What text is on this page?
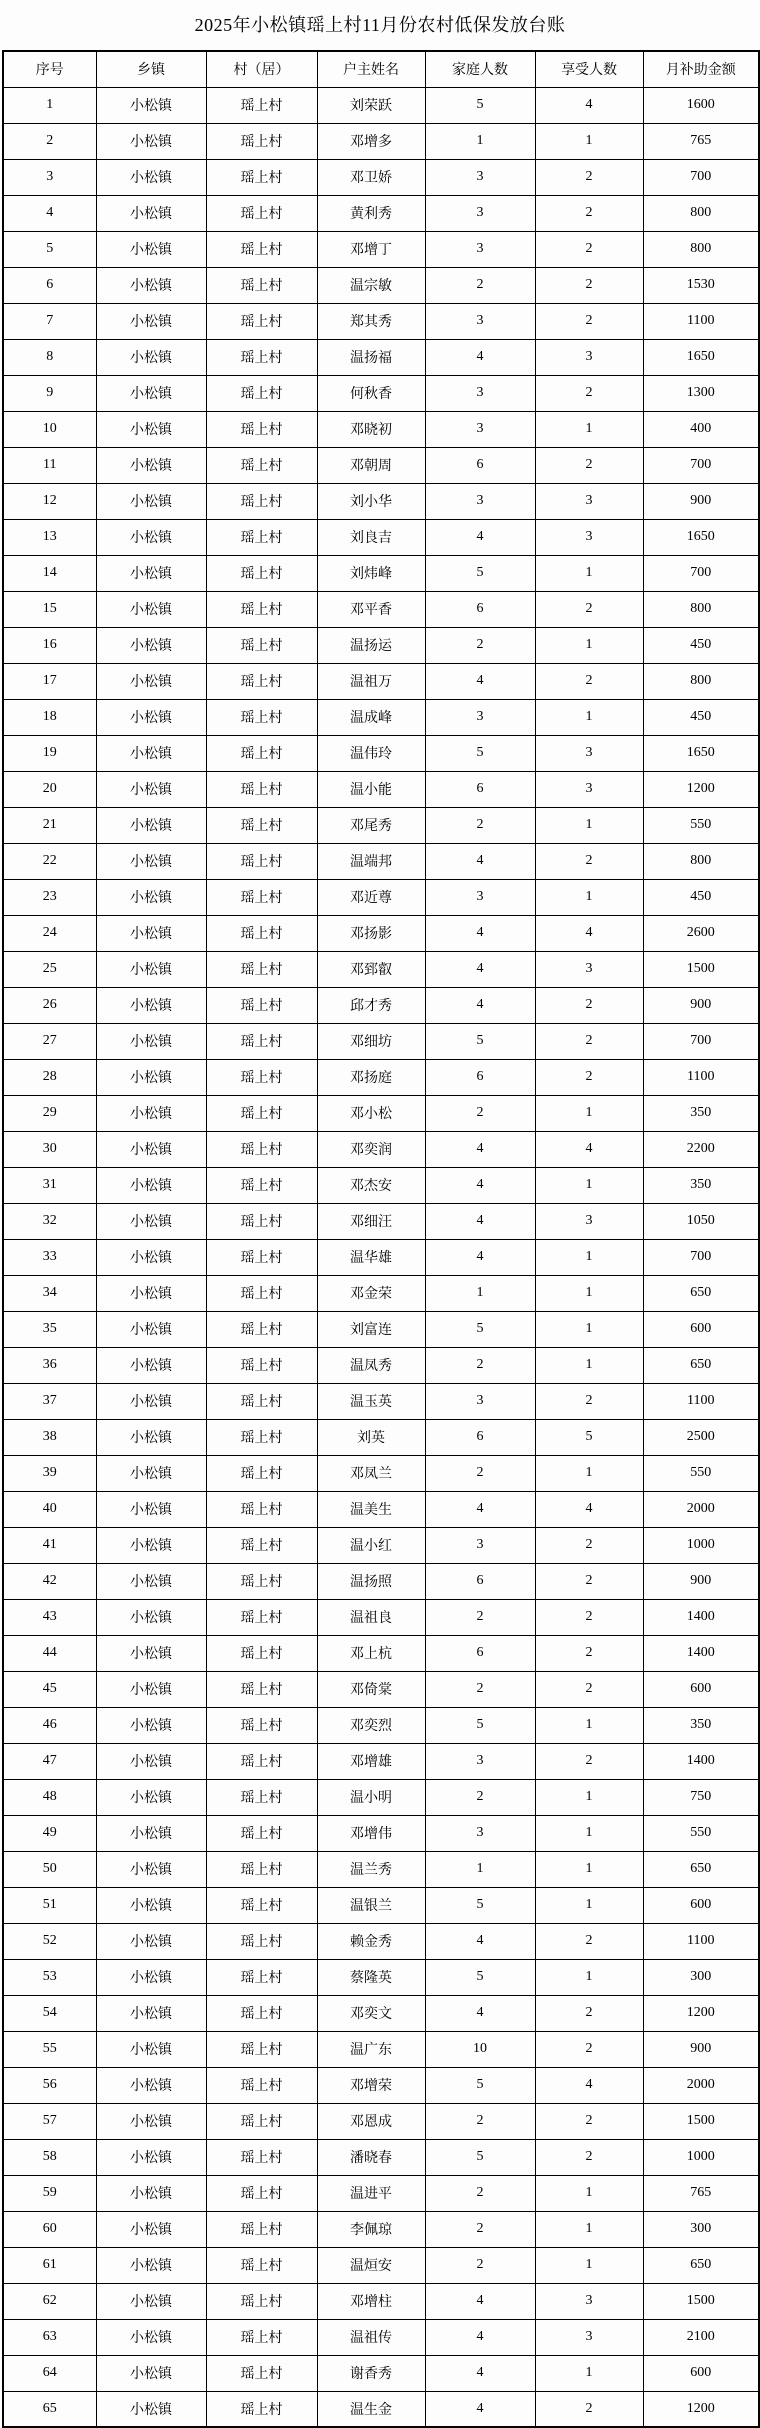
2025年小松镇瑶上村11月份农村低保发放台账
序号	乡镇	村（居）	户主姓名	家庭人数	享受人数	月补助金额
1	小松镇	瑶上村	刘荣跃	5	4	1600
2	小松镇	瑶上村	邓增多	1	1	765
3	小松镇	瑶上村	邓卫娇	3	2	700
4	小松镇	瑶上村	黄利秀	3	2	800
5	小松镇	瑶上村	邓增丁	3	2	800
6	小松镇	瑶上村	温宗敏	2	2	1530
7	小松镇	瑶上村	郑其秀	3	2	1100
8	小松镇	瑶上村	温扬福	4	3	1650
9	小松镇	瑶上村	何秋香	3	2	1300
10	小松镇	瑶上村	邓晓初	3	1	400
11	小松镇	瑶上村	邓朝周	6	2	700
12	小松镇	瑶上村	刘小华	3	3	900
13	小松镇	瑶上村	刘良吉	4	3	1650
14	小松镇	瑶上村	刘炜峰	5	1	700
15	小松镇	瑶上村	邓平香	6	2	800
16	小松镇	瑶上村	温扬运	2	1	450
17	小松镇	瑶上村	温祖万	4	2	800
18	小松镇	瑶上村	温成峰	3	1	450
19	小松镇	瑶上村	温伟玲	5	3	1650
20	小松镇	瑶上村	温小能	6	3	1200
21	小松镇	瑶上村	邓尾秀	2	1	550
22	小松镇	瑶上村	温端邦	4	2	800
23	小松镇	瑶上村	邓近尊	3	1	450
24	小松镇	瑶上村	邓扬影	4	4	2600
25	小松镇	瑶上村	邓郅叡	4	3	1500
26	小松镇	瑶上村	邱才秀	4	2	900
27	小松镇	瑶上村	邓细坊	5	2	700
28	小松镇	瑶上村	邓扬庭	6	2	1100
29	小松镇	瑶上村	邓小松	2	1	350
30	小松镇	瑶上村	邓奕润	4	4	2200
31	小松镇	瑶上村	邓杰安	4	1	350
32	小松镇	瑶上村	邓细汪	4	3	1050
33	小松镇	瑶上村	温华雄	4	1	700
34	小松镇	瑶上村	邓金荣	1	1	650
35	小松镇	瑶上村	刘富连	5	1	600
36	小松镇	瑶上村	温凤秀	2	1	650
37	小松镇	瑶上村	温玉英	3	2	1100
38	小松镇	瑶上村	刘英	6	5	2500
39	小松镇	瑶上村	邓凤兰	2	1	550
40	小松镇	瑶上村	温美生	4	4	2000
41	小松镇	瑶上村	温小红	3	2	1000
42	小松镇	瑶上村	温扬照	6	2	900
43	小松镇	瑶上村	温祖良	2	2	1400
44	小松镇	瑶上村	邓上杭	6	2	1400
45	小松镇	瑶上村	邓倚棠	2	2	600
46	小松镇	瑶上村	邓奕烈	5	1	350
47	小松镇	瑶上村	邓增雄	3	2	1400
48	小松镇	瑶上村	温小明	2	1	750
49	小松镇	瑶上村	邓增伟	3	1	550
50	小松镇	瑶上村	温兰秀	1	1	650
51	小松镇	瑶上村	温银兰	5	1	600
52	小松镇	瑶上村	赖金秀	4	2	1100
53	小松镇	瑶上村	蔡隆英	5	1	300
54	小松镇	瑶上村	邓奕文	4	2	1200
55	小松镇	瑶上村	温广东	10	2	900
56	小松镇	瑶上村	邓增荣	5	4	2000
57	小松镇	瑶上村	邓恩成	2	2	1500
58	小松镇	瑶上村	潘晓春	5	2	1000
59	小松镇	瑶上村	温进平	2	1	765
60	小松镇	瑶上村	李佩琼	2	1	300
61	小松镇	瑶上村	温烜安	2	1	650
62	小松镇	瑶上村	邓增柱	4	3	1500
63	小松镇	瑶上村	温祖传	4	3	2100
64	小松镇	瑶上村	谢香秀	4	1	600
65	小松镇	瑶上村	温生金	4	2	1200
